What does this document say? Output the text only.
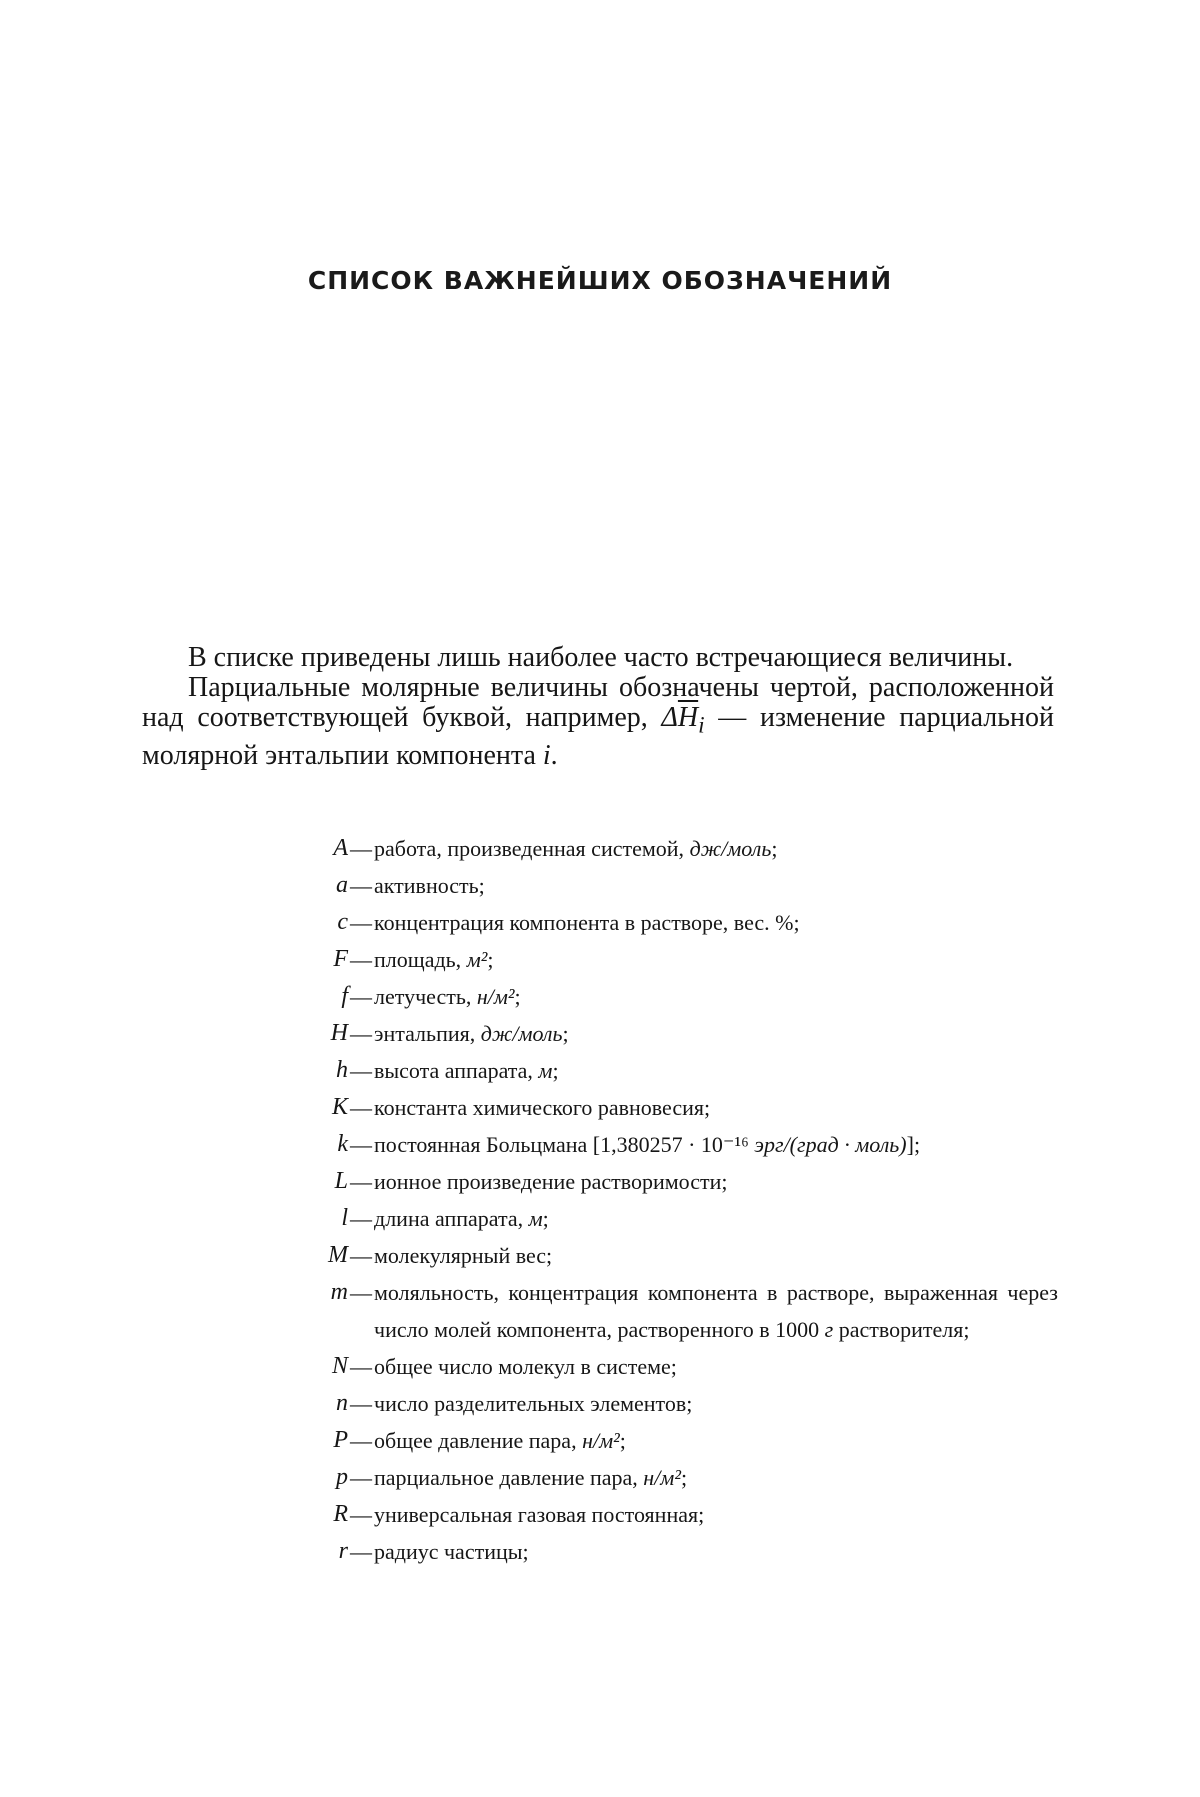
СПИСОК ВАЖНЕЙШИХ ОБОЗНАЧЕНИЙ

В списке приведены лишь наиболее часто встречающиеся величины.

Парциальные молярные величины обозначены чертой, расположенной над соответствующей буквой, например, $\Delta\overline{H}_i$ — изменение парциальной молярной энтальпии компонента i.

A — работа, произведенная системой, дж/моль;
a — активность;
c — концентрация компонента в растворе, вес. %;
F — площадь, м²;
f — летучесть, н/м²;
H — энтальпия, дж/моль;
h — высота аппарата, м;
K — константа химического равновесия;
k — постоянная Больцмана [1,380257 · 10⁻¹⁶ эрг/(град · моль)];
L — ионное произведение растворимости;
l — длина аппарата, м;
M — молекулярный вес;
m — моляльность, концентрация компонента в растворе, выраженная через число молей компонента, растворенного в 1000 г растворителя;
N — общее число молекул в системе;
n — число разделительных элементов;
P — общее давление пара, н/м²;
p — парциальное давление пара, н/м²;
R — универсальная газовая постоянная;
r — радиус частицы;
